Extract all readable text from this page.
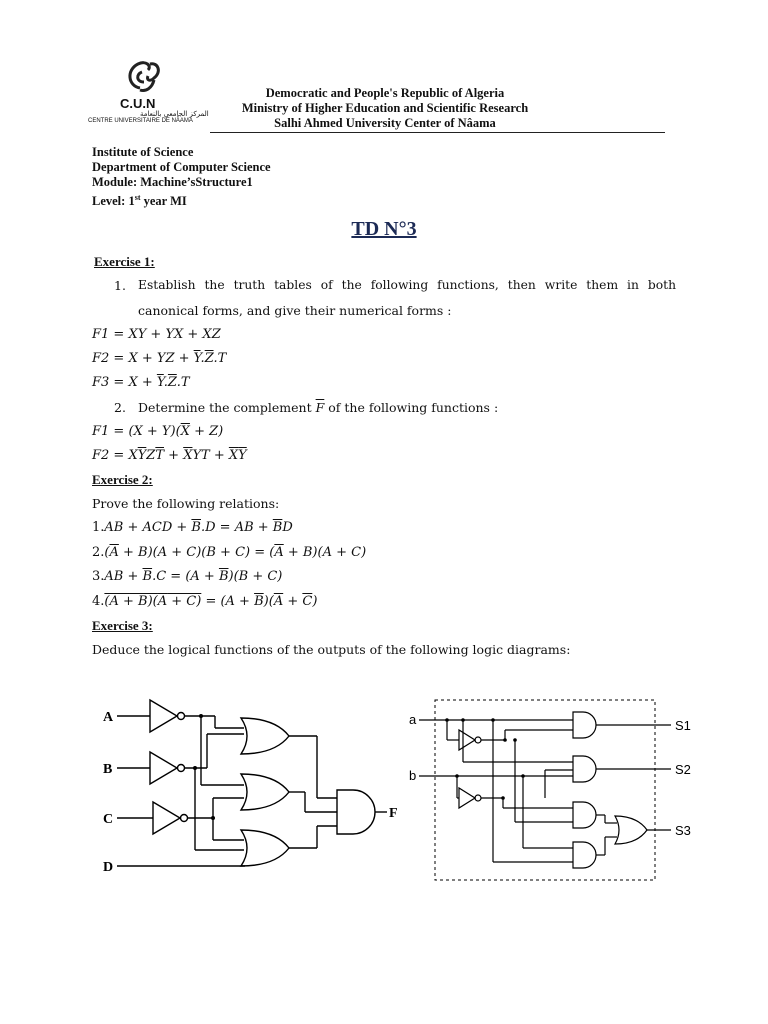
C.U.N
المركز الجامعي بالنعامة
CENTRE UNIVERSITAIRE DE NÂAMA
Democratic and People's Republic of Algeria
Ministry of Higher Education and Scientific Research
Salhi Ahmed University Center of Nâama
Institute of Science
Department of Computer Science
Module: Machine’sStructure1
Level: 1st year MI
TD N°3
Exercise 1:
1. Establish the truth tables of the following functions, then write them in both
canonical forms, and give their numerical forms :
F1 = XY + YX + XZ
F2 = X + YZ + $\overline{Y}.\overline{Z}.T$
$F3 = X + \overline{Y}.\overline{Z}.T$
2. Determine the complement $\overline{F}$ of the following functions :
$F1 = (X + Y)(\overline{X} + Z)$
$F2 = X\overline{Y}Z\overline{T} + \overline{X}YT + \overline{X}\overline{Y}$
Exercise 2:
Prove the following relations:
1.AB + ACD + $\overline{B}.D$ = AB + $\overline{B}D$
$2.(\overline{A} + B)(A + C)(B + C) = (\overline{A} + B)(A + C)$
$3.AB + \overline{B}.C = (A + \overline{B})(B + C)$
$4.(A + B)(A + C) = (A + \overline{B})(\overline{A} + \overline{C})$
Exercise 3:
Deduce the logical functions of the outputs of the following logic diagrams:
A
B
C
D
F
a
b
S1
S2
S3
